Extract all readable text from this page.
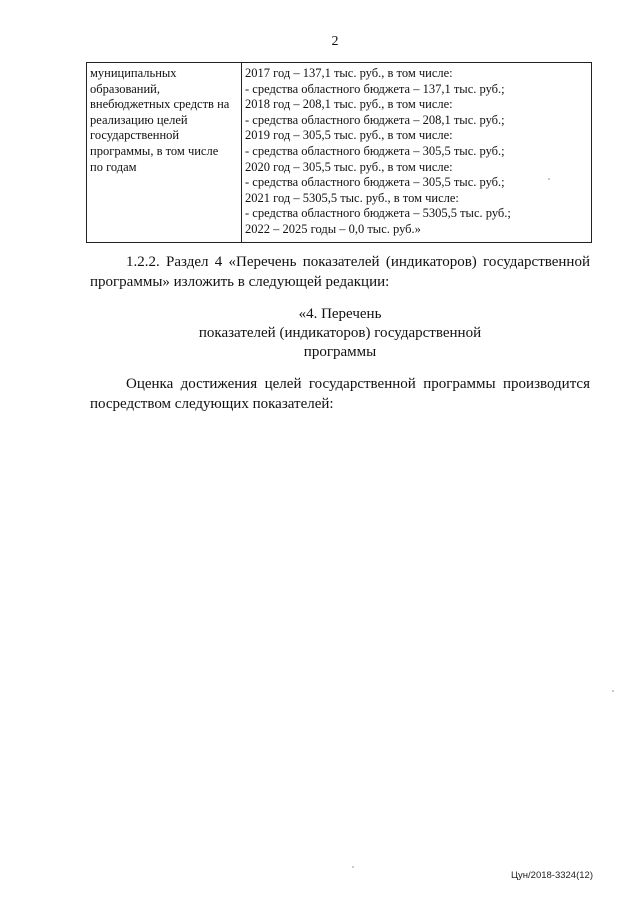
2
муниципальных
образований,
внебюджетных средств на
реализацию целей
государственной
программы, в том числе
по годам

2017 год – 137,1 тыс. руб., в том числе:
- средства областного бюджета – 137,1 тыс. руб.;
2018 год – 208,1 тыс. руб., в том числе:
- средства областного бюджета – 208,1 тыс. руб.;
2019 год – 305,5 тыс. руб., в том числе:
- средства областного бюджета – 305,5 тыс. руб.;
2020 год – 305,5 тыс. руб., в том числе:
- средства областного бюджета – 305,5 тыс. руб.;
2021 год – 5305,5 тыс. руб., в том числе:
- средства областного бюджета – 5305,5 тыс. руб.;
2022 – 2025 годы – 0,0 тыс. руб.»
1.2.2. Раздел 4 «Перечень показателей (индикаторов) государственной
программы» изложить в следующей редакции:
«4. Перечень
показателей (индикаторов) государственной
программы
Оценка достижения целей государственной программы производится
посредством следующих показателей:
Цун/2018-3324(12)
